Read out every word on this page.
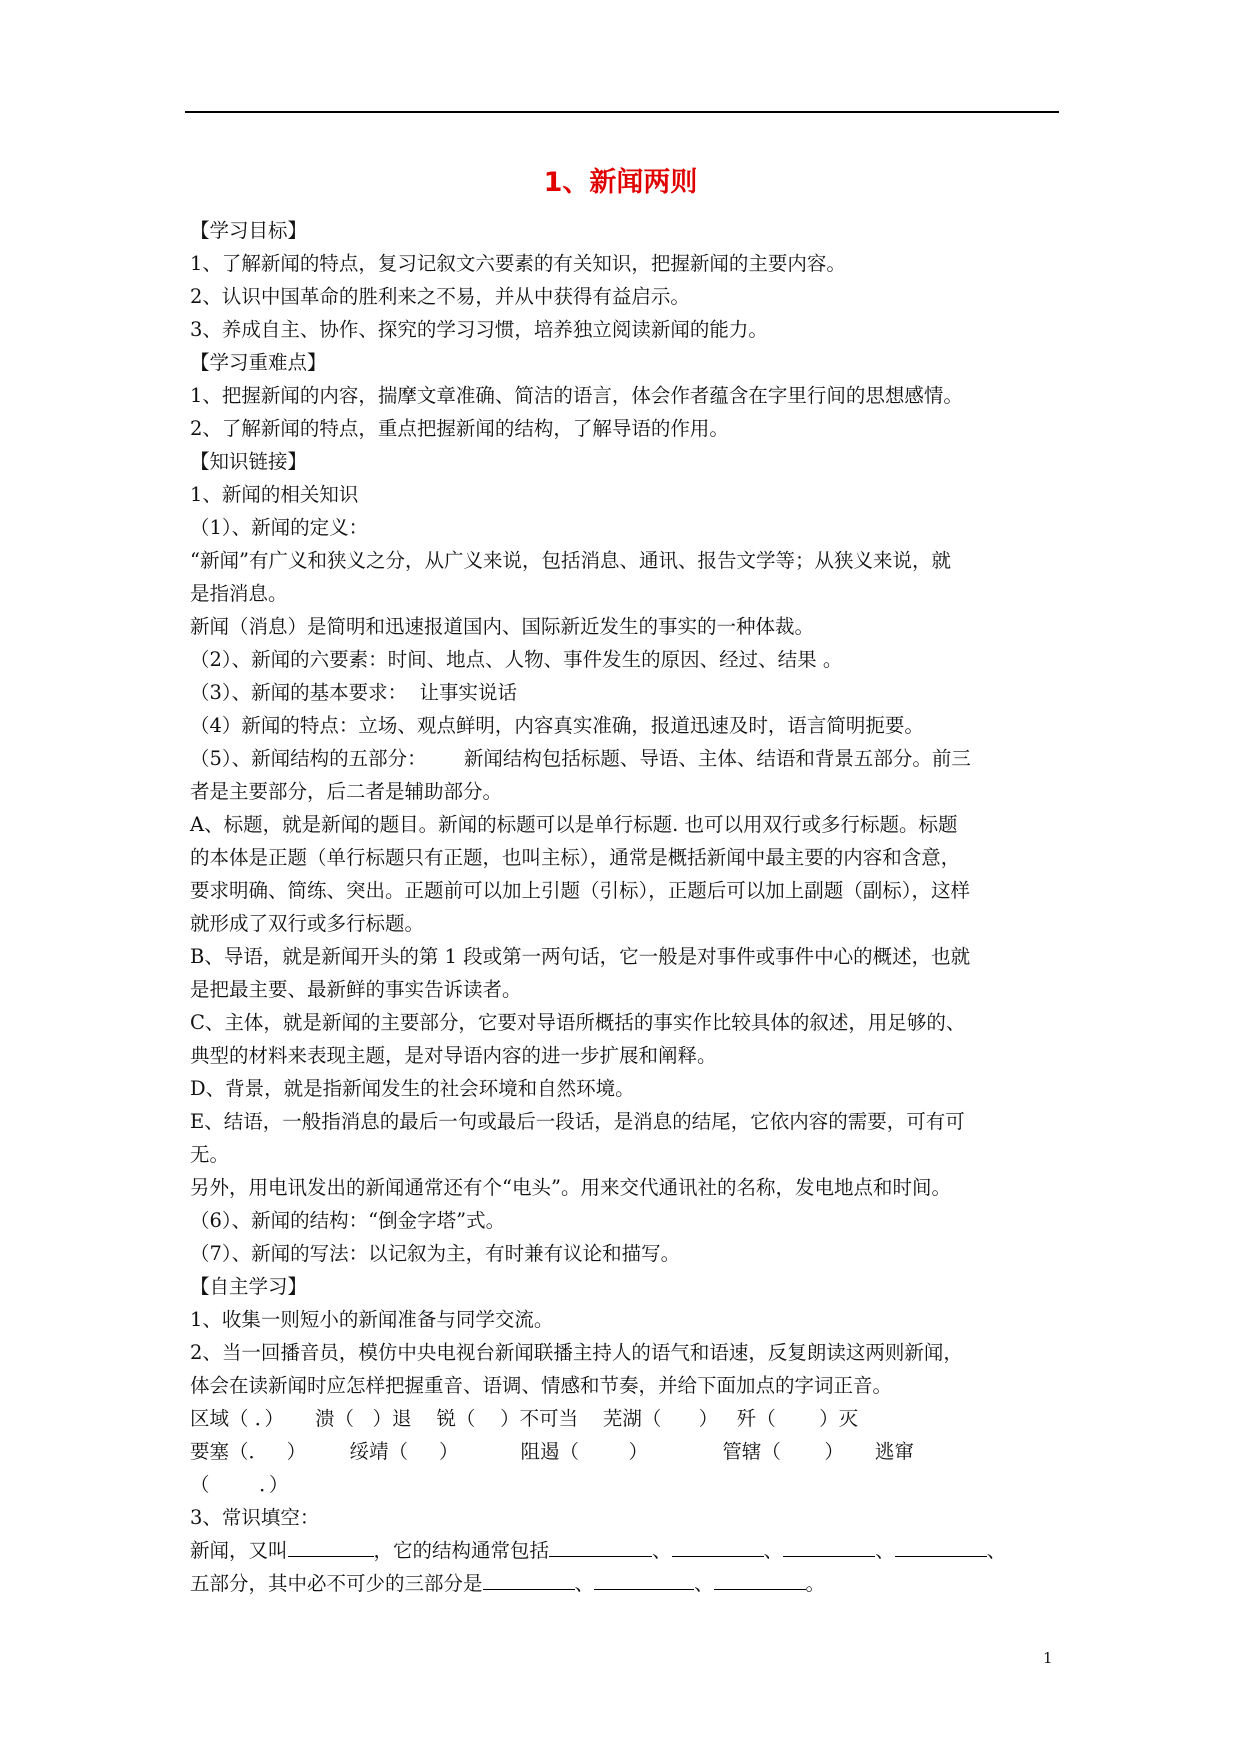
1、新闻两则
【学习目标】
1、了解新闻的特点，复习记叙文六要素的有关知识，把握新闻的主要内容。
2、认识中国革命的胜利来之不易，并从中获得有益启示。
3、养成自主、协作、探究的学习习惯，培养独立阅读新闻的能力。
【学习重难点】
1、把握新闻的内容，揣摩文章准确、简洁的语言，体会作者蕴含在字里行间的思想感情。
2、了解新闻的特点，重点把握新闻的结构，了解导语的作用。
【知识链接】
1、新闻的相关知识
（1）、新闻的定义：
“新闻”有广义和狭义之分，从广义来说，包括消息、通讯、报告文学等；从狭义来说，就
是指消息。
新闻（消息）是简明和迅速报道国内、国际新近发生的事实的一种体裁。
（2）、新闻的六要素：时间、地点、人物、事件发生的原因、经过、结果 。
（3）、新闻的基本要求：  让事实说话
（4）新闻的特点：立场、观点鲜明，内容真实准确，报道迅速及时，语言简明扼要。
（5）、新闻结构的五部分：      新闻结构包括标题、导语、主体、结语和背景五部分。前三
者是主要部分，后二者是辅助部分。
A、标题，就是新闻的题目。新闻的标题可以是单行标题. 也可以用双行或多行标题。标题
的本体是正题（单行标题只有正题，也叫主标），通常是概括新闻中最主要的内容和含意，
要求明确、简练、突出。正题前可以加上引题（引标），正题后可以加上副题（副标），这样
就形成了双行或多行标题。
B、导语，就是新闻开头的第 1 段或第一两句话，它一般是对事件或事件中心的概述，也就
是把最主要、最新鲜的事实告诉读者。
C、主体，就是新闻的主要部分，它要对导语所概括的事实作比较具体的叙述，用足够的、
典型的材料来表现主题，是对导语内容的进一步扩展和阐释。
D、背景，就是指新闻发生的社会环境和自然环境。
E、结语，一般指消息的最后一句或最后一段话，是消息的结尾，它依内容的需要，可有可
无。
另外，用电讯发出的新闻通常还有个“电头”。用来交代通讯社的名称，发电地点和时间。
（6）、新闻的结构：“倒金字塔”式。
（7）、新闻的写法：以记叙为主，有时兼有议论和描写。
【自主学习】
1、收集一则短小的新闻准备与同学交流。
2、当一回播音员，模仿中央电视台新闻联播主持人的语气和语速，反复朗读这两则新闻，
体会在读新闻时应怎样把握重音、语调、情感和节奏，并给下面加点的字词正音。
区域（ ．）     溃（   ）退    锐（    ）不可当    芜湖（      ）   歼（       ）灭
要塞（．   ）       绥靖（     ）          阻遏（        ）            管辖（       ）     逃窜
（        ．）
3、常识填空：
新闻，又叫	，它的结构通常包括	、	、	、	、
五部分，其中必不可少的三部分是	、	、	。
1
